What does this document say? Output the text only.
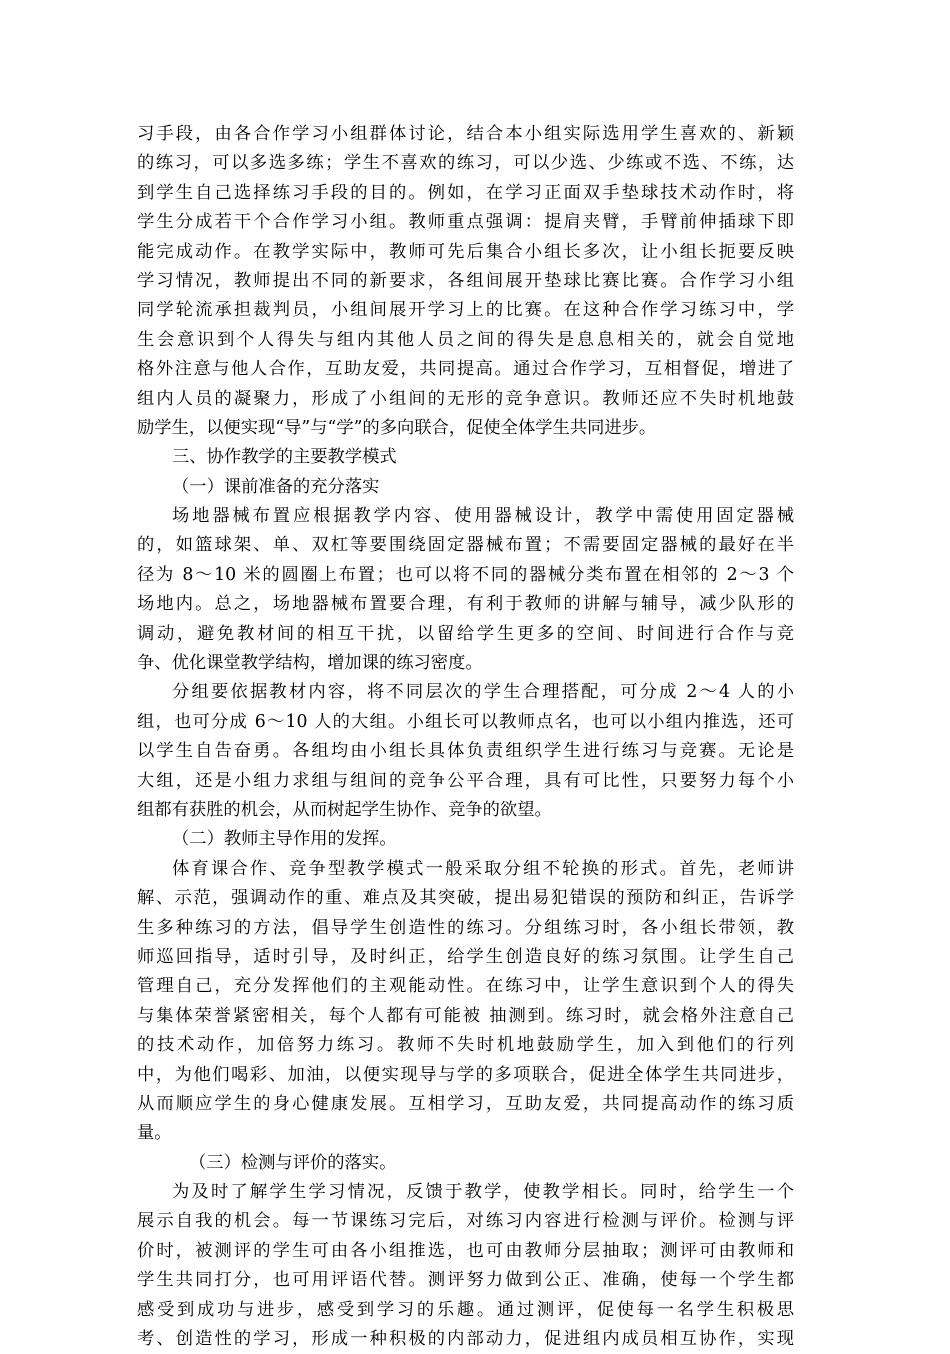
习手段，由各合作学习小组群体讨论，结合本小组实际选用学生喜欢的、新颖
的练习，可以多选多练；学生不喜欢的练习，可以少选、少练或不选、不练，达
到学生自己选择练习手段的目的。例如，在学习正面双手垫球技术动作时，将
学生分成若干个合作学习小组。教师重点强调：提肩夹臂，手臂前伸插球下即
能完成动作。在教学实际中，教师可先后集合小组长多次，让小组长扼要反映
学习情况，教师提出不同的新要求，各组间展开垫球比赛比赛。合作学习小组
同学轮流承担裁判员，小组间展开学习上的比赛。在这种合作学习练习中，学
生会意识到个人得失与组内其他人员之间的得失是息息相关的，就会自觉地
格外注意与他人合作，互助友爱，共同提高。通过合作学习，互相督促，增进了
组内人员的凝聚力，形成了小组间的无形的竞争意识。教师还应不失时机地鼓
励学生，以便实现“导”与“学”的多向联合，促使全体学生共同进步。
三、协作教学的主要教学模式
（一）课前准备的充分落实
场地器械布置应根据教学内容、使用器械设计，教学中需使用固定器械
的，如篮球架、单、双杠等要围绕固定器械布置；不需要固定器械的最好在半
径为 8～10 米的圆圈上布置；也可以将不同的器械分类布置在相邻的 2～3 个
场地内。总之，场地器械布置要合理，有利于教师的讲解与辅导，减少队形的
调动，避免教材间的相互干扰，以留给学生更多的空间、时间进行合作与竞
争、优化课堂教学结构，增加课的练习密度。
分组要依据教材内容，将不同层次的学生合理搭配，可分成 2～4 人的小
组，也可分成 6～10 人的大组。小组长可以教师点名，也可以小组内推选，还可
以学生自告奋勇。各组均由小组长具体负责组织学生进行练习与竞赛。无论是
大组，还是小组力求组与组间的竞争公平合理，具有可比性，只要努力每个小
组都有获胜的机会，从而树起学生协作、竞争的欲望。
（二）教师主导作用的发挥。
体育课合作、竞争型教学模式一般采取分组不轮换的形式。首先，老师讲
解、示范，强调动作的重、难点及其突破，提出易犯错误的预防和纠正，告诉学
生多种练习的方法，倡导学生创造性的练习。分组练习时，各小组长带领，教
师巡回指导，适时引导，及时纠正，给学生创造良好的练习氛围。让学生自己
管理自己，充分发挥他们的主观能动性。在练习中，让学生意识到个人的得失
与集体荣誉紧密相关，每个人都有可能被 抽测到。练习时，就会格外注意自己
的技术动作，加倍努力练习。教师不失时机地鼓励学生，加入到他们的行列
中，为他们喝彩、加油，以便实现导与学的多项联合，促进全体学生共同进步，
从而顺应学生的身心健康发展。互相学习，互助友爱，共同提高动作的练习质
量。
（三）检测与评价的落实。
为及时了解学生学习情况，反馈于教学，使教学相长。同时，给学生一个
展示自我的机会。每一节课练习完后，对练习内容进行检测与评价。检测与评
价时，被测评的学生可由各小组推选，也可由教师分层抽取；测评可由教师和
学生共同打分，也可用评语代替。测评努力做到公正、准确，使每一个学生都
感受到成功与进步，感受到学习的乐趣。通过测评，促使每一名学生积极思
考、创造性的学习，形成一种积极的内部动力，促进组内成员相互协作，实现
